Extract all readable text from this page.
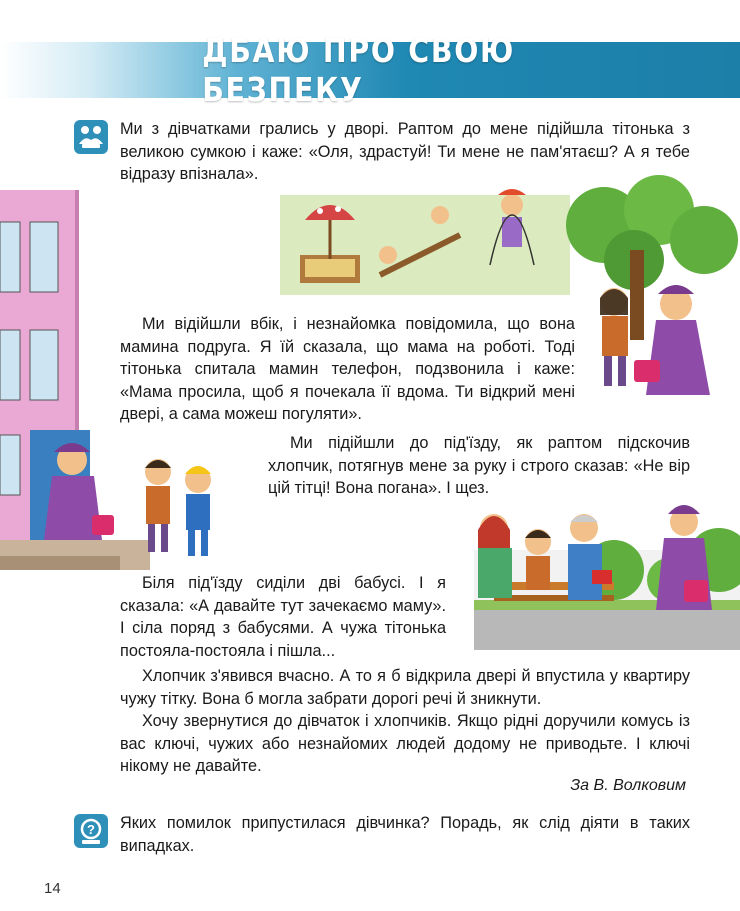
ДБАЮ ПРО СВОЮ БЕЗПЕКУ

Ми з дівчатками грались у дворі. Раптом до мене підійшла тітонька з великою сумкою і каже: «Оля, здрастуй! Ти мене не пам'ятаєш? А я тебе відразу впізнала».

Ми відійшли вбік, і незнайомка повідомила, що вона мамина подруга. Я їй сказала, що мама на роботі. Тоді тітонька спитала мамин телефон, подзвонила і каже: «Мама просила, щоб я почекала її вдома. Ти відкрий мені двері, а сама можеш погуляти».

Ми підійшли до під'їзду, як раптом підскочив хлопчик, потягнув мене за руку і строго сказав: «Не вір цій тітці! Вона погана». І щез.

Біля під'їзду сиділи дві бабусі. І я сказала: «А давайте тут зачекаємо маму». І сіла поряд з бабусями. А чужа тітонька постояла-постояла і пішла...

Хлопчик з'явився вчасно. А то я б відкрила двері й впустила у квартиру чужу тітку. Вона б могла забрати дорогі речі й зникнути.

Хочу звернутися до дівчаток і хлопчиків. Якщо рідні доручили комусь із вас ключі, чужих або незнайомих людей додому не приводьте. І ключі нікому не давайте.

За В. Волковим
? Яких помилок припустилася дівчинка? Порадь, як слід діяти в таких випадках.

14
